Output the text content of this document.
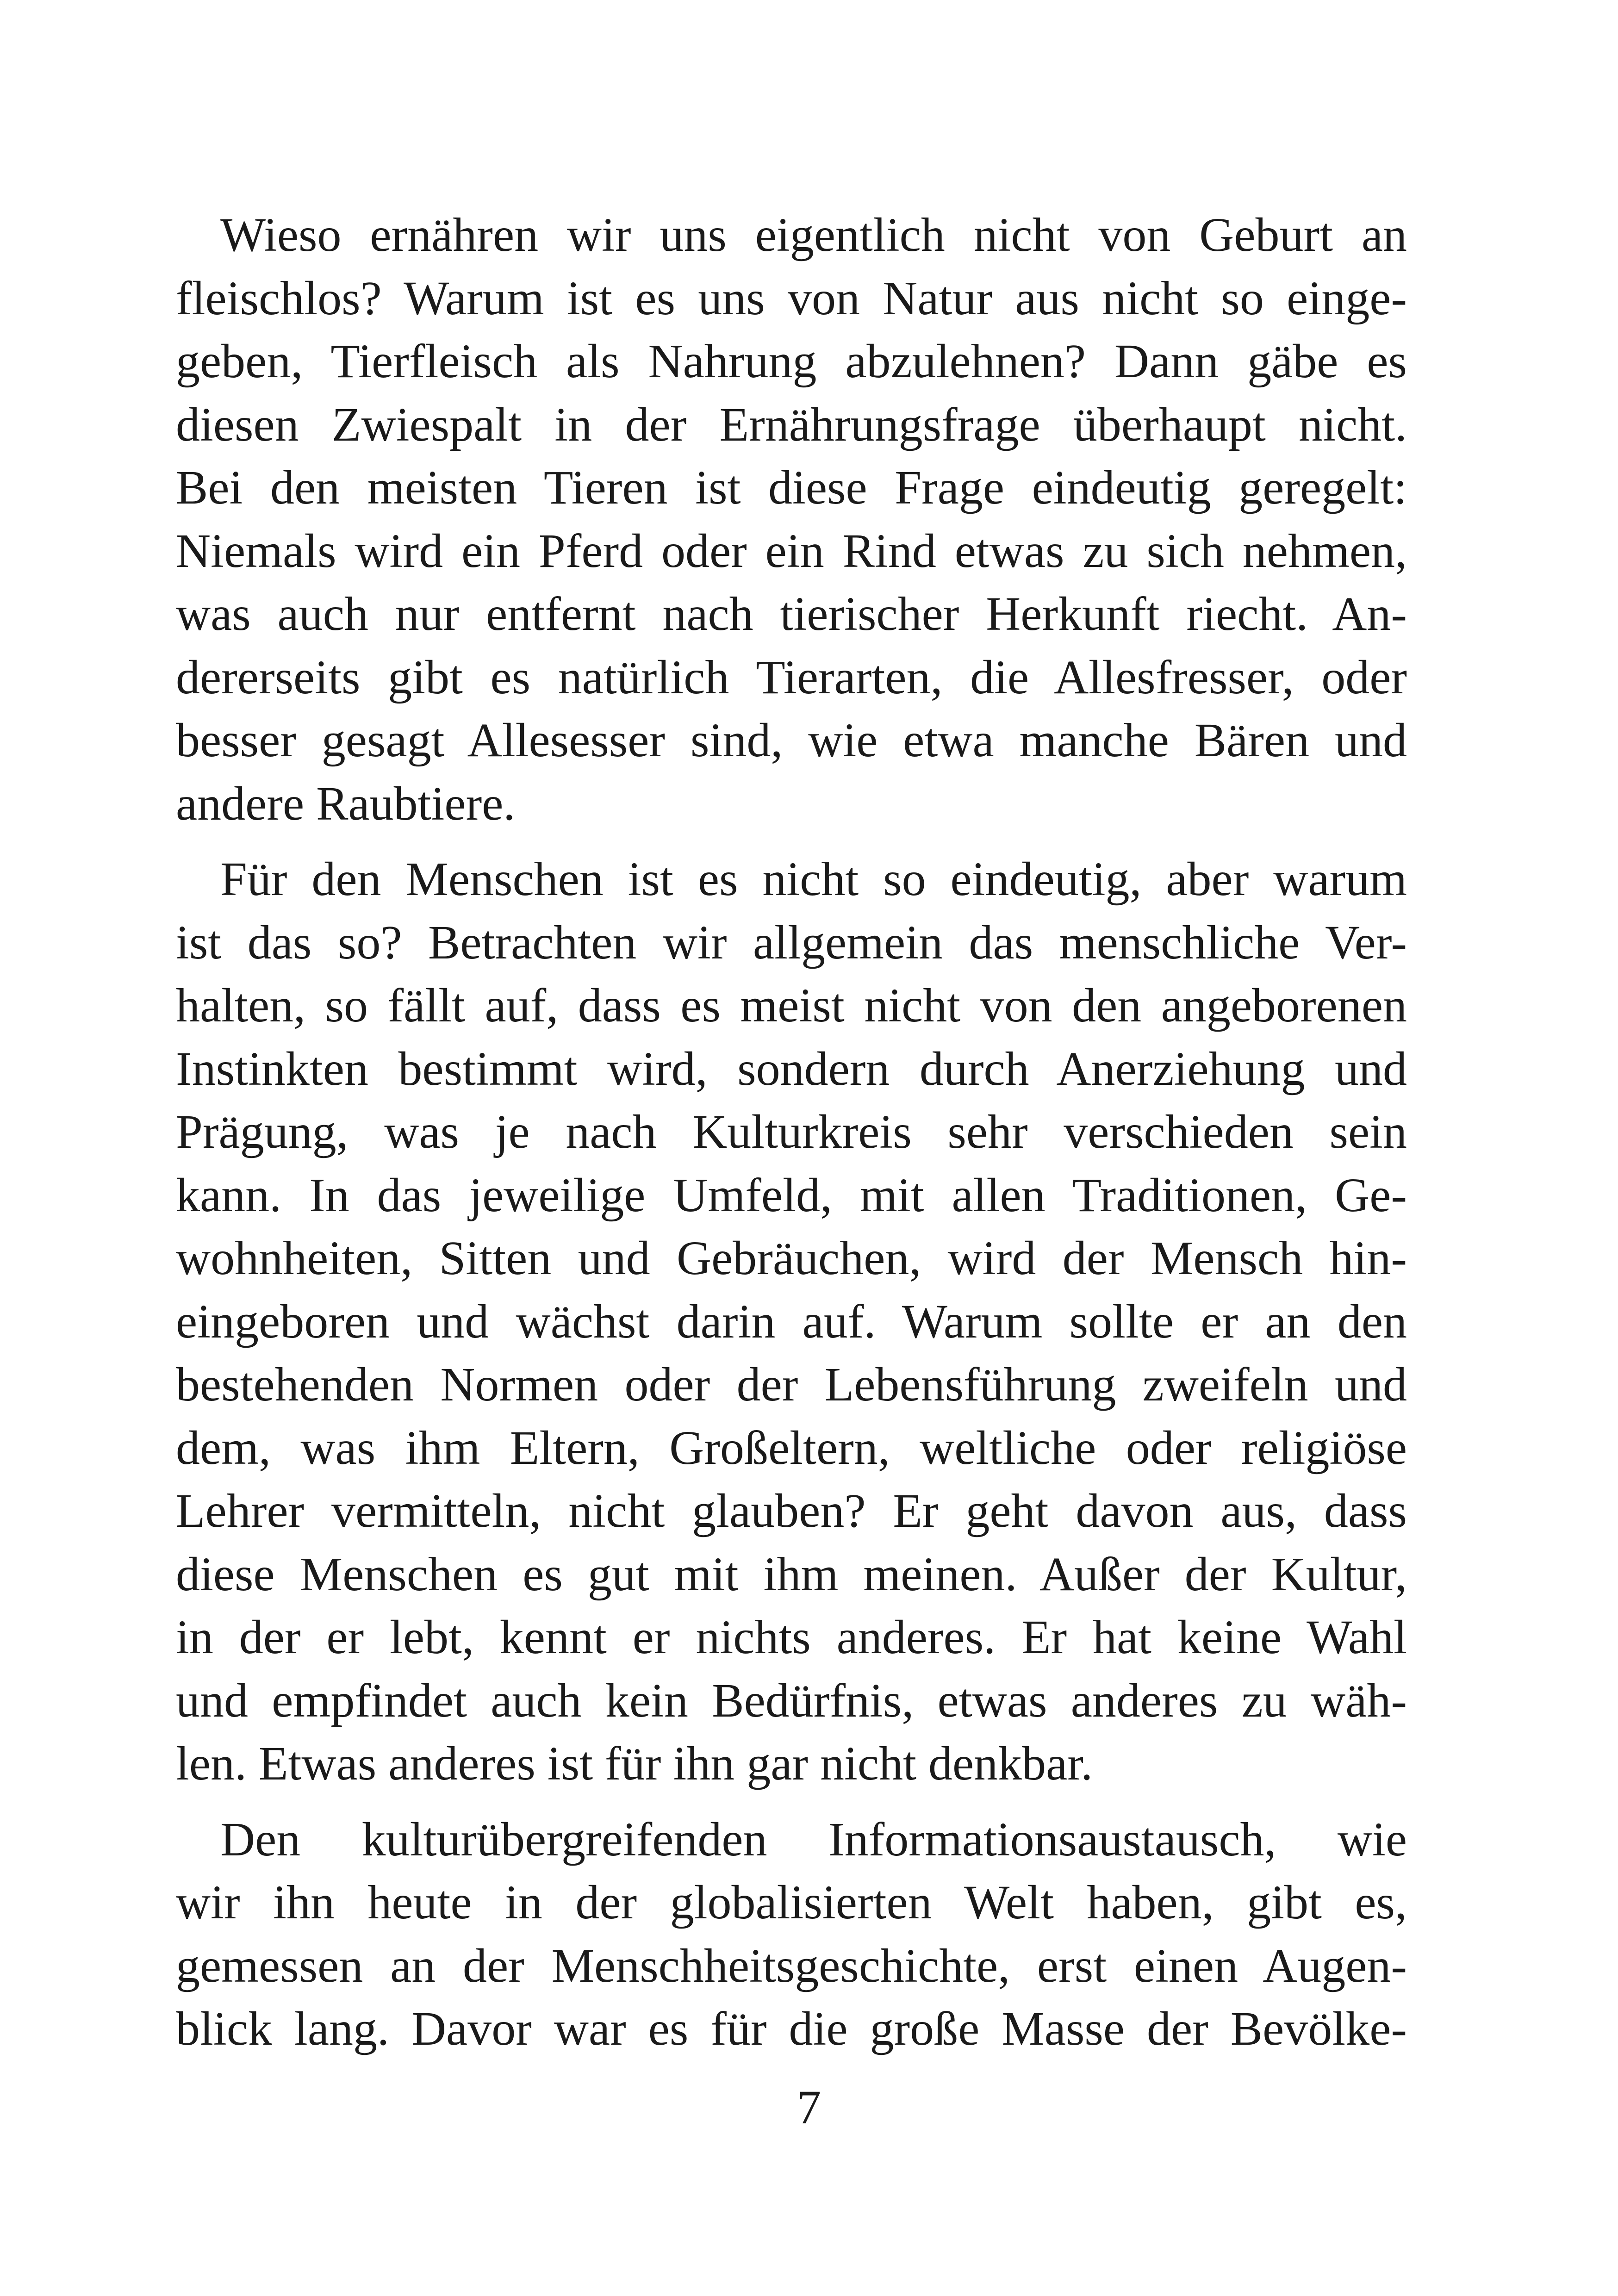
Wieso ernähren wir uns eigentlich nicht von Geburt an
fleischlos? Warum ist es uns von Natur aus nicht so einge-
geben, Tierfleisch als Nahrung abzulehnen? Dann gäbe es
diesen Zwiespalt in der Ernährungsfrage überhaupt nicht.
Bei den meisten Tieren ist diese Frage eindeutig geregelt:
Niemals wird ein Pferd oder ein Rind etwas zu sich nehmen,
was auch nur entfernt nach tierischer Herkunft riecht. An-
dererseits gibt es natürlich Tierarten, die Allesfresser, oder
besser gesagt Allesesser sind, wie etwa manche Bären und
andere Raubtiere.

Für den Menschen ist es nicht so eindeutig, aber warum
ist das so? Betrachten wir allgemein das menschliche Ver-
halten, so fällt auf, dass es meist nicht von den angeborenen
Instinkten bestimmt wird, sondern durch Anerziehung und
Prägung, was je nach Kulturkreis sehr verschieden sein
kann. In das jeweilige Umfeld, mit allen Traditionen, Ge-
wohnheiten, Sitten und Gebräuchen, wird der Mensch hin-
eingeboren und wächst darin auf. Warum sollte er an den
bestehenden Normen oder der Lebensführung zweifeln und
dem, was ihm Eltern, Großeltern, weltliche oder religiöse
Lehrer vermitteln, nicht glauben? Er geht davon aus, dass
diese Menschen es gut mit ihm meinen. Außer der Kultur,
in der er lebt, kennt er nichts anderes. Er hat keine Wahl
und empfindet auch kein Bedürfnis, etwas anderes zu wäh-
len. Etwas anderes ist für ihn gar nicht denkbar.

Den kulturübergreifenden Informationsaustausch, wie
wir ihn heute in der globalisierten Welt haben, gibt es,
gemessen an der Menschheitsgeschichte, erst einen Augen-
blick lang. Davor war es für die große Masse der Bevölke-

7
